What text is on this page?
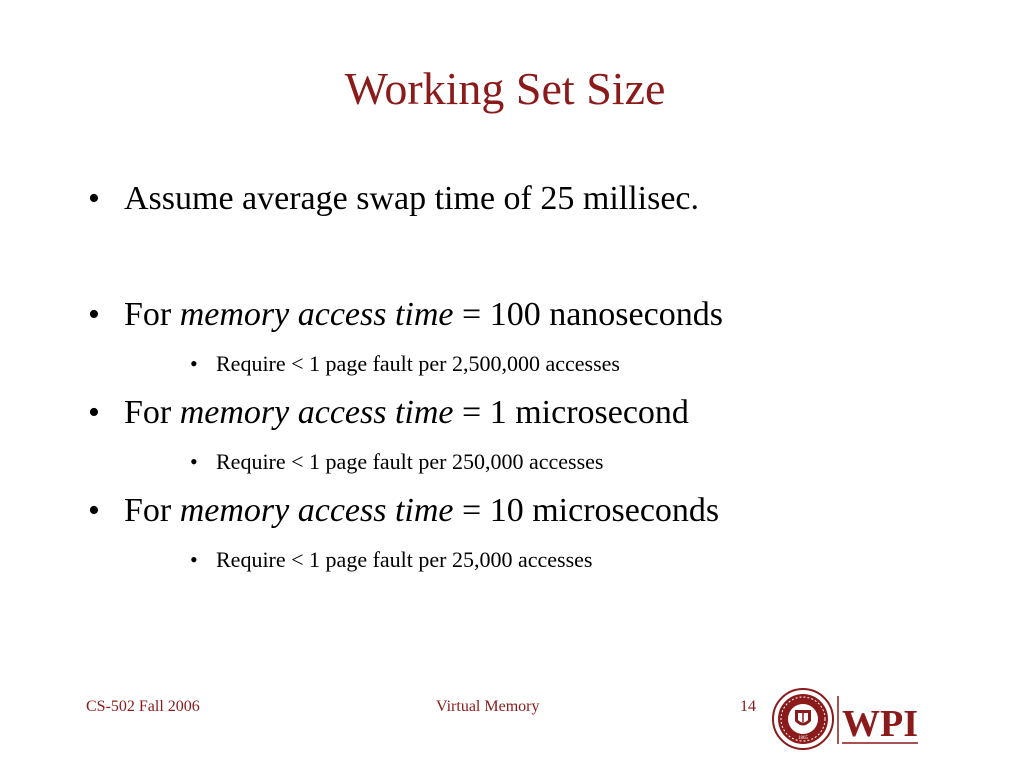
Working Set Size
• Assume average swap time of 25 millisec.
• For memory access time = 100 nanoseconds
• Require < 1 page fault per 2,500,000 accesses
• For memory access time = 1 microsecond
• Require < 1 page fault per 250,000 accesses
• For memory access time = 10 microseconds
• Require < 1 page fault per 25,000 accesses
CS-502 Fall 2006	Virtual Memory	14
1865 WPI
